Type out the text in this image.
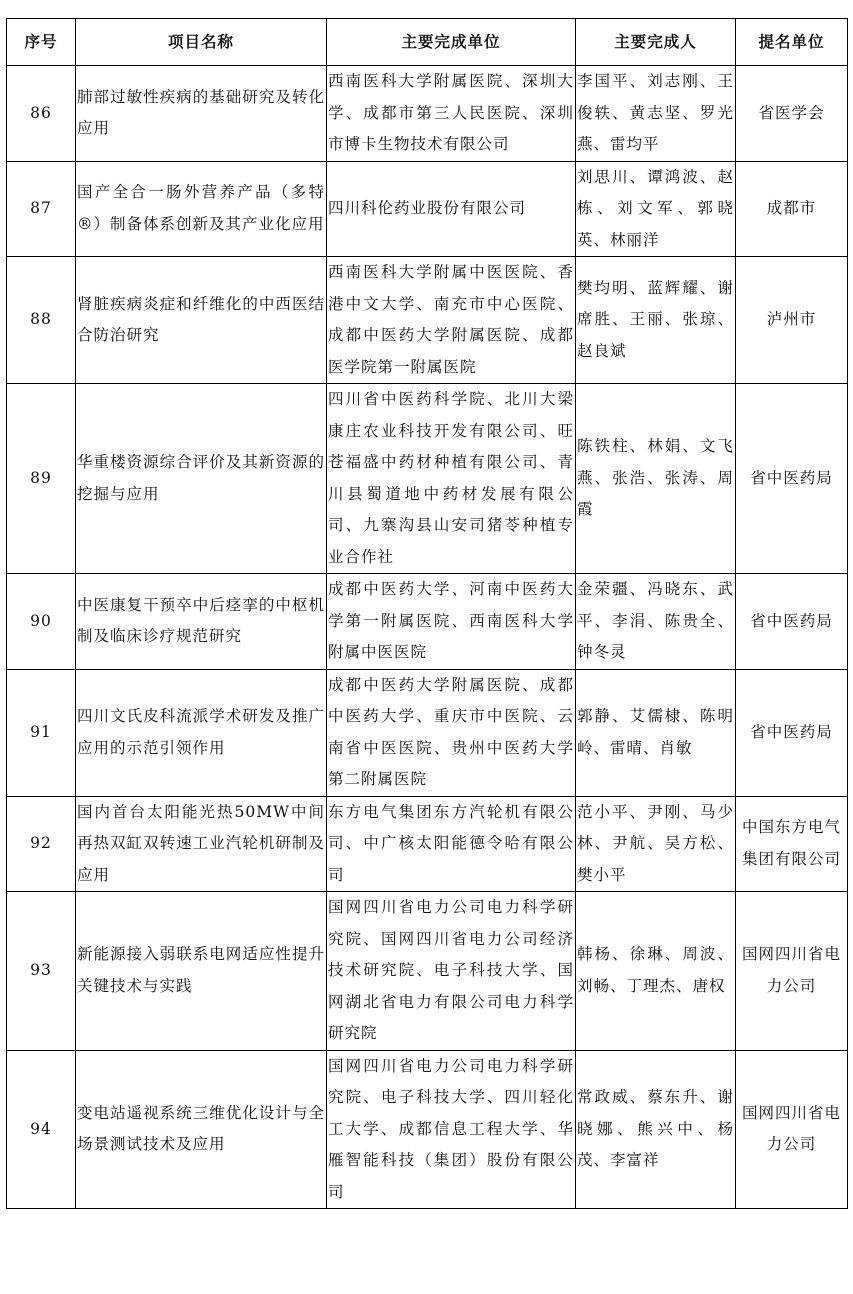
序号	项目名称	主要完成单位	主要完成人	提名单位
86	肺部过敏性疾病的基础研究及转化应用	西南医科大学附属医院、深圳大学、成都市第三人民医院、深圳市博卡生物技术有限公司	李国平、刘志刚、王俊轶、黄志坚、罗光燕、雷均平	省医学会
87	国产全合一肠外营养产品（多特®）制备体系创新及其产业化应用	四川科伦药业股份有限公司	刘思川、谭鸿波、赵栋、刘文军、郭晓英、林丽洋	成都市
88	肾脏疾病炎症和纤维化的中西医结合防治研究	西南医科大学附属中医医院、香港中文大学、南充市中心医院、成都中医药大学附属医院、成都医学院第一附属医院	樊均明、蓝辉耀、谢席胜、王丽、张琼、赵良斌	泸州市
89	华重楼资源综合评价及其新资源的挖掘与应用	四川省中医药科学院、北川大梁康庄农业科技开发有限公司、旺苍福盛中药材种植有限公司、青川县蜀道地中药材发展有限公司、九寨沟县山安司猪苓种植专业合作社	陈铁柱、林娟、文飞燕、张浩、张涛、周霞	省中医药局
90	中医康复干预卒中后痉挛的中枢机制及临床诊疗规范研究	成都中医药大学、河南中医药大学第一附属医院、西南医科大学附属中医医院	金荣疆、冯晓东、武平、李涓、陈贵全、钟冬灵	省中医药局
91	四川文氏皮科流派学术研发及推广应用的示范引领作用	成都中医药大学附属医院、成都中医药大学、重庆市中医院、云南省中医医院、贵州中医药大学第二附属医院	郭静、艾儒棣、陈明岭、雷晴、肖敏	省中医药局
92	国内首台太阳能光热50MW中间再热双缸双转速工业汽轮机研制及应用	东方电气集团东方汽轮机有限公司、中广核太阳能德令哈有限公司	范小平、尹刚、马少林、尹航、吴方松、樊小平	中国东方电气集团有限公司
93	新能源接入弱联系电网适应性提升关键技术与实践	国网四川省电力公司电力科学研究院、国网四川省电力公司经济技术研究院、电子科技大学、国网湖北省电力有限公司电力科学研究院	韩杨、徐琳、周波、刘畅、丁理杰、唐权	国网四川省电力公司
94	变电站遥视系统三维优化设计与全场景测试技术及应用	国网四川省电力公司电力科学研究院、电子科技大学、四川轻化工大学、成都信息工程大学、华雁智能科技（集团）股份有限公司	常政威、蔡东升、谢晓娜、熊兴中、杨茂、李富祥	国网四川省电力公司
